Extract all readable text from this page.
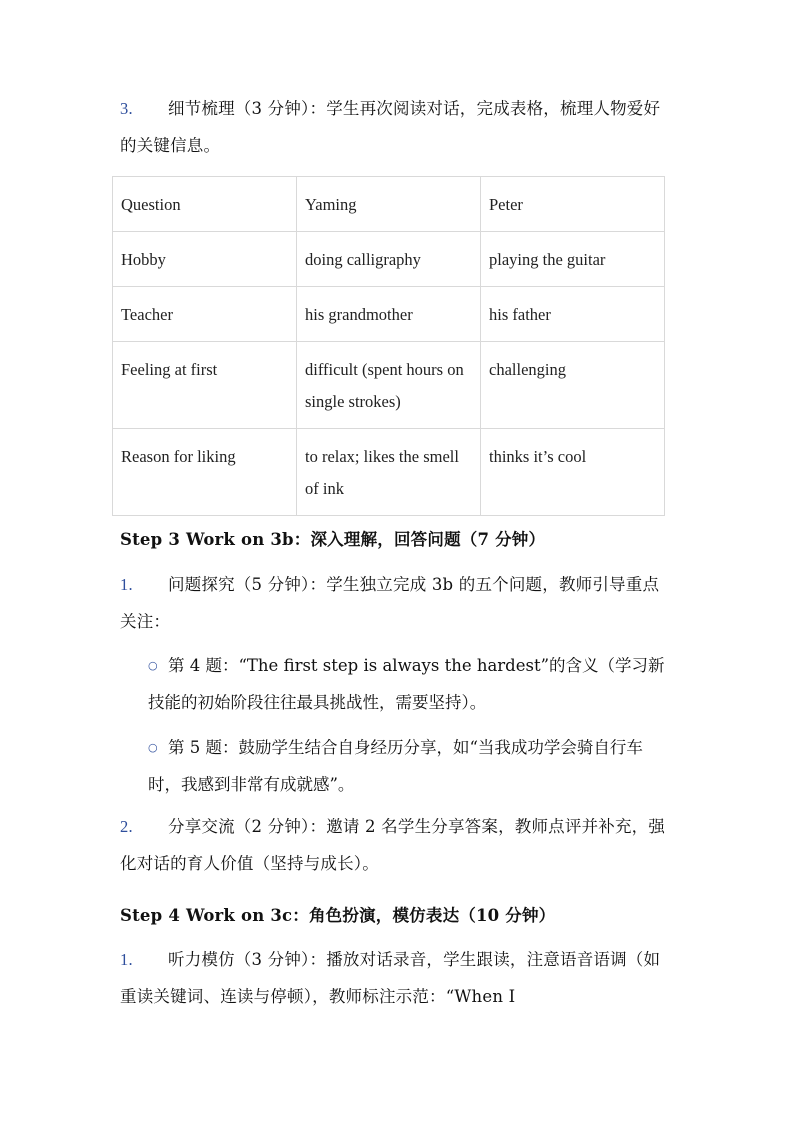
3. 细节梳理（3 分钟）：学生再次阅读对话，完成表格，梳理人物爱好的关键信息。
Question	Yaming	Peter
Hobby	doing calligraphy	playing the guitar
Teacher	his grandmother	his father
Feeling at first	difficult (spent hours on single strokes)	challenging
Reason for liking	to relax; likes the smell of ink	thinks it’s cool
Step 3 Work on 3b：深入理解，回答问题（7 分钟）
1. 问题探究（5 分钟）：学生独立完成 3b 的五个问题，教师引导重点关注：
○ 第 4 题：“The first step is always the hardest”的含义（学习新技能的初始阶段往往最具挑战性，需要坚持）。
○ 第 5 题：鼓励学生结合自身经历分享，如“当我成功学会骑自行车时，我感到非常有成就感”。
2. 分享交流（2 分钟）：邀请 2 名学生分享答案，教师点评并补充，强化对话的育人价值（坚持与成长）。
Step 4 Work on 3c：角色扮演，模仿表达（10 分钟）
1. 听力模仿（3 分钟）：播放对话录音，学生跟读，注意语音语调（如重读关键词、连读与停顿），教师标注示范：“When I
